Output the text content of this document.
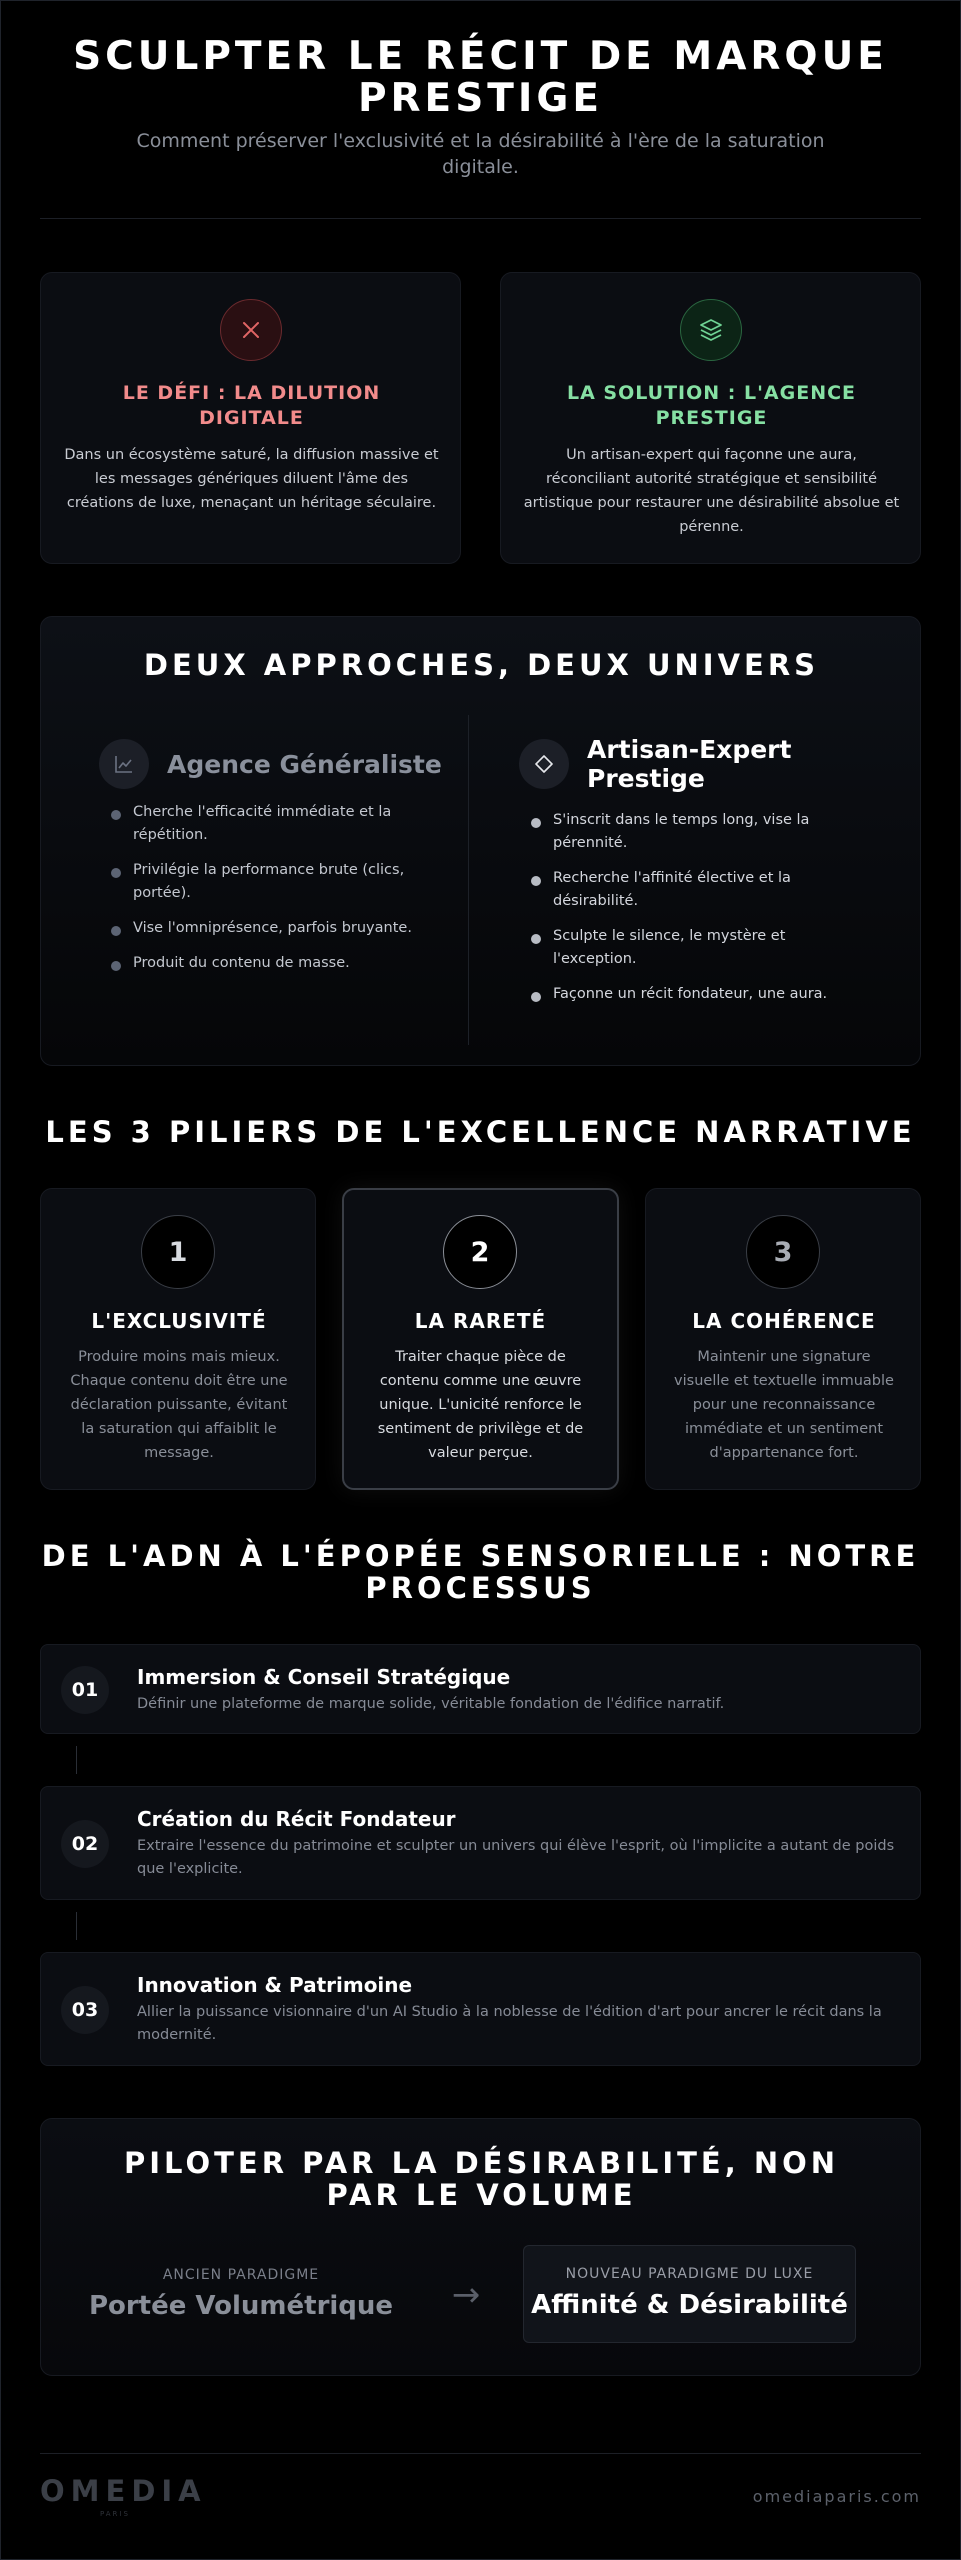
SCULPTER LE RÉCIT DE MARQUE PRESTIGE

Comment préserver l'exclusivité et la désirabilité à l'ère de la saturation digitale.

LE DÉFI : LA DILUTION DIGITALE
Dans un écosystème saturé, la diffusion massive et les messages génériques diluent l'âme des créations de luxe, menaçant un héritage séculaire.
LA SOLUTION : L'AGENCE PRESTIGE
Un artisan-expert qui façonne une aura, réconciliant autorité stratégique et sensibilité artistique pour restaurer une désirabilité absolue et pérenne.
DEUX APPROCHES, DEUX UNIVERS
Agence Généraliste
Cherche l'efficacité immédiate et la répétition.
Privilégie la performance brute (clics, portée).
Vise l'omniprésence, parfois bruyante.
Produit du contenu de masse.
Artisan-Expert Prestige
S'inscrit dans le temps long, vise la pérennité.
Recherche l'affinité élective et la désirabilité.
Sculpte le silence, le mystère et l'exception.
Façonne un récit fondateur, une aura.
LES 3 PILIERS DE L'EXCELLENCE NARRATIVE
1
L'EXCLUSIVITÉ
Produire moins mais mieux. Chaque contenu doit être une déclaration puissante, évitant la saturation qui affaiblit le message.
2
LA RARETÉ
Traiter chaque pièce de contenu comme une œuvre unique. L'unicité renforce le sentiment de privilège et de valeur perçue.
3
LA COHÉRENCE
Maintenir une signature visuelle et textuelle immuable pour une reconnaissance immédiate et un sentiment d'appartenance fort.
DE L'ADN À L'ÉPOPÉE SENSORIELLE : NOTRE PROCESSUS
01
Immersion & Conseil Stratégique
Définir une plateforme de marque solide, véritable fondation de l'édifice narratif.
02
Création du Récit Fondateur
Extraire l'essence du patrimoine et sculpter un univers qui élève l'esprit, où l'implicite a autant de poids que l'explicite.
03
Innovation & Patrimoine
Allier la puissance visionnaire d'un AI Studio à la noblesse de l'édition d'art pour ancrer le récit dans la modernité.
PILOTER PAR LA DÉSIRABILITÉ, NON PAR LE VOLUME
ANCIEN PARADIGME
Portée Volumétrique	→
NOUVEAU PARADIGME DU LUXE
Affinité & Désirabilité
OMEDIA
PARIS
omediaparis.com
